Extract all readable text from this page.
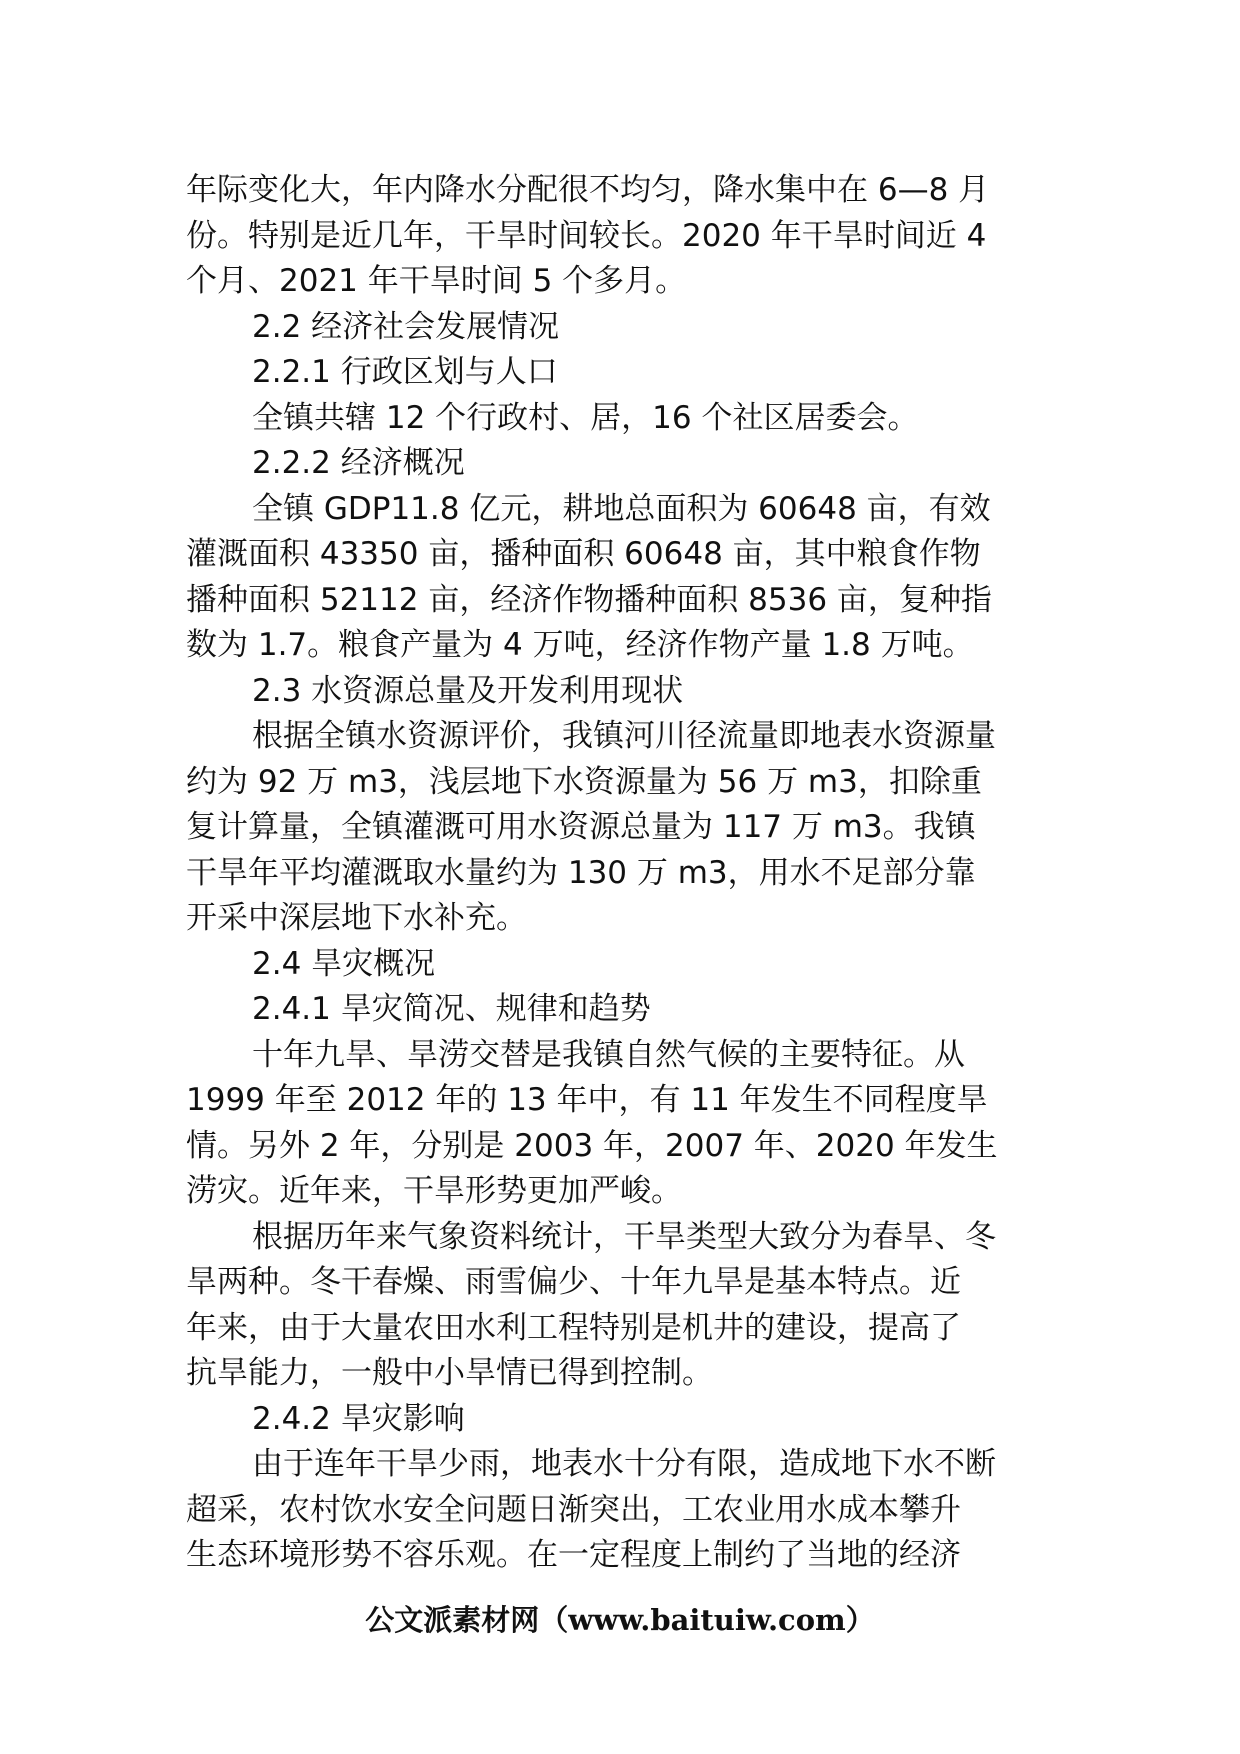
年际变化大，年内降水分配很不均匀，降水集中在 6—8 月
份。特别是近几年，干旱时间较长。2020 年干旱时间近 4
个月、2021 年干旱时间 5 个多月。
2.2 经济社会发展情况
2.2.1 行政区划与人口
全镇共辖 12 个行政村、居，16 个社区居委会。
2.2.2 经济概况
全镇 GDP11.8 亿元，耕地总面积为 60648 亩，有效
灌溉面积 43350 亩，播种面积 60648 亩，其中粮食作物
播种面积 52112 亩，经济作物播种面积 8536 亩，复种指
数为 1.7。粮食产量为 4 万吨，经济作物产量 1.8 万吨。
2.3 水资源总量及开发利用现状
根据全镇水资源评价，我镇河川径流量即地表水资源量
约为 92 万 m3，浅层地下水资源量为 56 万 m3，扣除重
复计算量，全镇灌溉可用水资源总量为 117 万 m3。我镇
干旱年平均灌溉取水量约为 130 万 m3，用水不足部分靠
开采中深层地下水补充。
2.4 旱灾概况
2.4.1 旱灾简况、规律和趋势
十年九旱、旱涝交替是我镇自然气候的主要特征。从
1999 年至 2012 年的 13 年中，有 11 年发生不同程度旱
情。另外 2 年，分别是 2003 年，2007 年、2020 年发生
涝灾。近年来，干旱形势更加严峻。
根据历年来气象资料统计，干旱类型大致分为春旱、冬
旱两种。冬干春燥、雨雪偏少、十年九旱是基本特点。近
年来，由于大量农田水利工程特别是机井的建设，提高了
抗旱能力，一般中小旱情已得到控制。
2.4.2 旱灾影响
由于连年干旱少雨，地表水十分有限，造成地下水不断
超采，农村饮水安全问题日渐突出，工农业用水成本攀升
生态环境形势不容乐观。在一定程度上制约了当地的经济
公文派素材网（www.baituiw.com）
